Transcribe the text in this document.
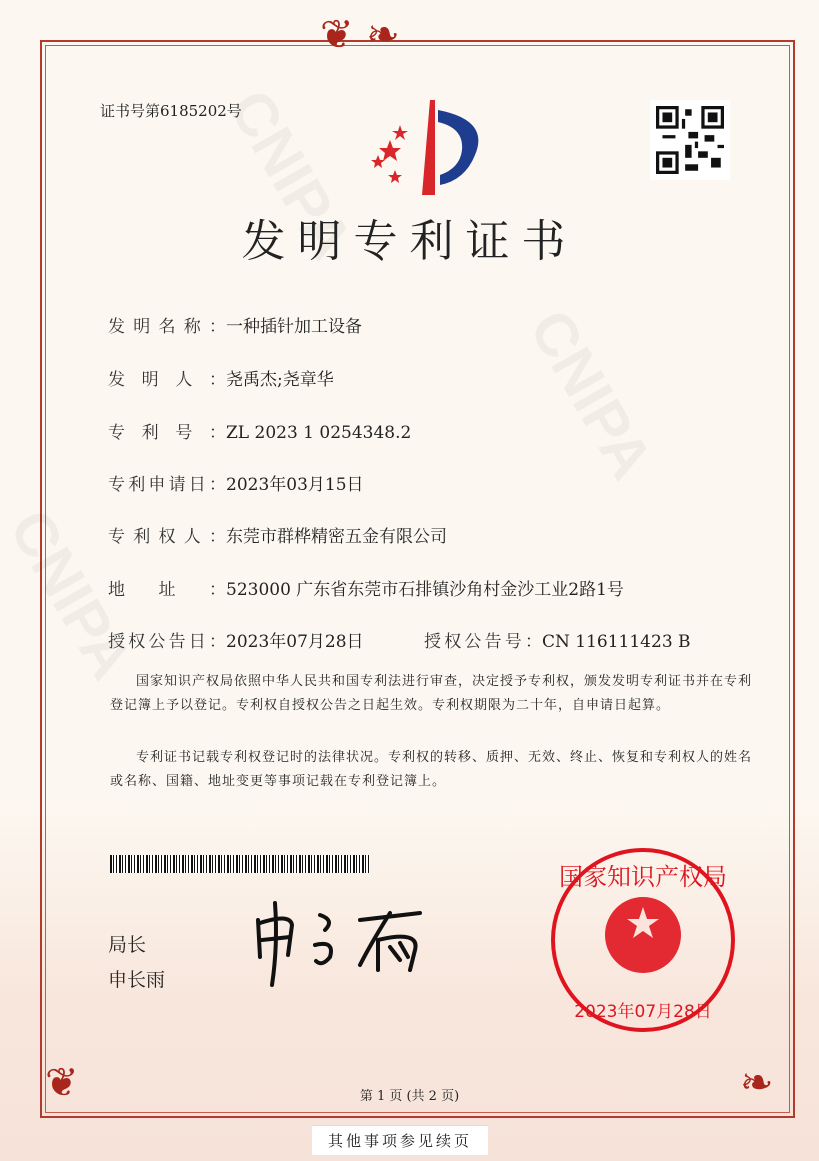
❦ ❧
❦	❧
证书号第6185202号
发明专利证书
发明名称：一种插针加工设备
发明人：尧禹杰;尧章华
专利号：ZL 2023 1 0254348.2
专利申请日：2023年03月15日
专利权人：东莞市群桦精密五金有限公司
地址：523000 广东省东莞市石排镇沙角村金沙工业2路1号
授权公告日：2023年07月28日	授权公告号：CN 116111423 B
国家知识产权局依照中华人民共和国专利法进行审查，决定授予专利权，颁发发明专利证书并在专利登记簿上予以登记。专利权自授权公告之日起生效。专利权期限为二十年，自申请日起算。
专利证书记载专利权登记时的法律状况。专利权的转移、质押、无效、终止、恢复和专利权人的姓名或名称、国籍、地址变更等事项记载在专利登记簿上。
局长
申长雨
国家知识产权局
2023年07月28日
第 1 页 (共 2 页)
其他事项参见续页
